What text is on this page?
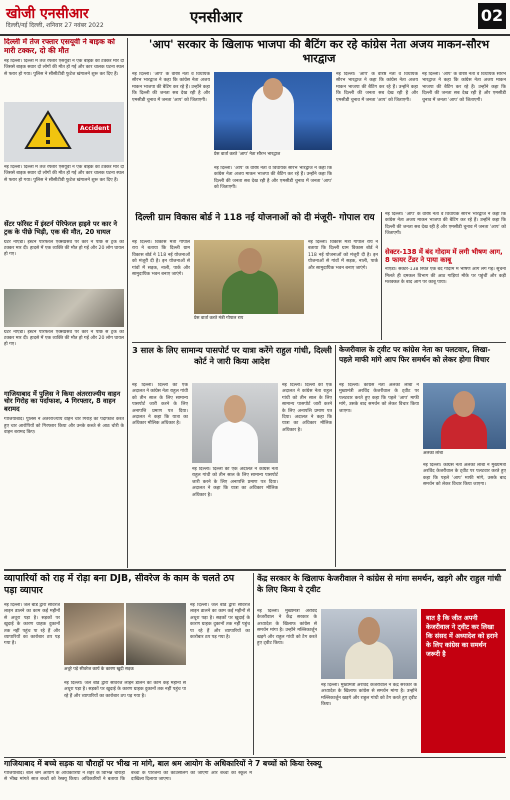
खोजी एनसीआर
दिल्ली/नई दिल्ली, शनिवार 27 नवंबर 2022	एनसीआर	02
दिल्ली में तेज रफ्तार एसयूवी ने बाइक को मारी टक्कर, दो की मौत
नई दिल्ली। दिल्ली में तेज रफ्तार एसयूवी ने एक बाइक को टक्कर मार दी जिससे बाइक सवार दो लोगों की मौत हो गई और कार चालक घटना स्थल से फरार हो गया। पुलिस ने सीसीटीवी फुटेज खंगालने शुरू कर दिए हैं।
Accident
नई दिल्ली। दिल्ली में तेज रफ्तार एसयूवी ने एक बाइक को टक्कर मार दी जिससे बाइक सवार दो लोगों की मौत हो गई और कार चालक घटना स्थल से फरार हो गया। पुलिस ने सीसीटीवी फुटेज खंगालने शुरू कर दिए हैं।
सेंटर फॉरेस्ट में इंस्टर्न पेरिफेरल हाइवे पर कार ने ट्रक के पीछे भिड़ी, एक की मौत, 20 घायल
ग्रेटर नोएडा। ईस्टर्न पेरिफेरल एक्सप्रेसवे पर कार ने पीछे से ट्रक को टक्कर मार दी। हादसे में एक व्यक्ति की मौत हो गई और 20 लोग घायल हो गए।
ग्रेटर नोएडा। ईस्टर्न पेरिफेरल एक्सप्रेसवे पर कार ने पीछे से ट्रक को टक्कर मार दी। हादसे में एक व्यक्ति की मौत हो गई और 20 लोग घायल हो गए।
गाजियाबाद में पुलिस ने किया अंतरराज्यीय वाहन चोर गिरोह का पर्दाफाश, 4 गिरफ्तार, 8 वाहन बरामद
गाजियाबाद। पुलिस ने अंतरराज्यीय वाहन चोर गिरोह का पर्दाफाश करते हुए चार आरोपियों को गिरफ्तार किया और उनके कब्जे से आठ चोरी के वाहन बरामद किए।
'आप' सरकार के खिलाफ भाजपा की बैटिंग कर रहे कांग्रेस नेता अजय माकन-सौरभ भारद्वाज
नई दिल्ली। 'आप' के वरिष्ठ नेता व विधायक सौरभ भारद्वाज ने कहा कि कांग्रेस नेता अजय माकन भाजपा की बैटिंग कर रहे हैं। उन्होंने कहा कि दिल्ली की जनता सब देख रही है और एमसीडी चुनाव में जनता 'आप' को जिताएगी।
प्रेस वार्ता करते 'आप' नेता सौरभ भारद्वाज
नई दिल्ली। 'आप' के वरिष्ठ नेता व विधायक सौरभ भारद्वाज ने कहा कि कांग्रेस नेता अजय माकन भाजपा की बैटिंग कर रहे हैं। उन्होंने कहा कि दिल्ली की जनता सब देख रही है और एमसीडी चुनाव में जनता 'आप' को जिताएगी।
नई दिल्ली। 'आप' के वरिष्ठ नेता व विधायक सौरभ भारद्वाज ने कहा कि कांग्रेस नेता अजय माकन भाजपा की बैटिंग कर रहे हैं। उन्होंने कहा कि दिल्ली की जनता सब देख रही है और एमसीडी चुनाव में जनता 'आप' को जिताएगी।
नई दिल्ली। 'आप' के वरिष्ठ नेता व विधायक सौरभ भारद्वाज ने कहा कि कांग्रेस नेता अजय माकन भाजपा की बैटिंग कर रहे हैं। उन्होंने कहा कि दिल्ली की जनता सब देख रही है और एमसीडी चुनाव में जनता 'आप' को जिताएगी।
दिल्ली ग्राम विकास बोर्ड ने 118 नई योजनाओं को दी मंजूरी- गोपाल राय
नई दिल्ली। विकास मंत्री गोपाल राय ने बताया कि दिल्ली ग्राम विकास बोर्ड ने 118 नई योजनाओं को मंजूरी दी है। इन योजनाओं से गांवों में सड़क, नाली, पार्क और सामुदायिक भवन बनाए जाएंगे।
प्रेस वार्ता करते मंत्री गोपाल राय
नई दिल्ली। विकास मंत्री गोपाल राय ने बताया कि दिल्ली ग्राम विकास बोर्ड ने 118 नई योजनाओं को मंजूरी दी है। इन योजनाओं से गांवों में सड़क, नाली, पार्क और सामुदायिक भवन बनाए जाएंगे।
नई दिल्ली। 'आप' के वरिष्ठ नेता व विधायक सौरभ भारद्वाज ने कहा कि कांग्रेस नेता अजय माकन भाजपा की बैटिंग कर रहे हैं। उन्होंने कहा कि दिल्ली की जनता सब देख रही है और एमसीडी चुनाव में जनता 'आप' को जिताएगी।
सेक्टर-138 में बंद गोदाम में लगी भीषण आग, 8 फायर टेंडर ने पाया काबू
नोएडा। सेक्टर-138 स्थित एक बंद गोदाम में भीषण आग लग गई। सूचना मिलते ही दमकल विभाग की आठ गाड़ियां मौके पर पहुंचीं और कड़ी मशक्कत के बाद आग पर काबू पाया।
3 साल के लिए सामान्य पासपोर्ट पर यात्रा करेंगे राहुल गांधी, दिल्ली कोर्ट ने जारी किया आदेश
नई दिल्ली। दिल्ली की एक अदालत ने कांग्रेस नेता राहुल गांधी को तीन साल के लिए सामान्य पासपोर्ट जारी करने के लिए अनापत्ति प्रमाण पत्र दिया। अदालत ने कहा कि यात्रा का अधिकार मौलिक अधिकार है।
नई दिल्ली। दिल्ली की एक अदालत ने कांग्रेस नेता राहुल गांधी को तीन साल के लिए सामान्य पासपोर्ट जारी करने के लिए अनापत्ति प्रमाण पत्र दिया। अदालत ने कहा कि यात्रा का अधिकार मौलिक अधिकार है।
नई दिल्ली। दिल्ली की एक अदालत ने कांग्रेस नेता राहुल गांधी को तीन साल के लिए सामान्य पासपोर्ट जारी करने के लिए अनापत्ति प्रमाण पत्र दिया। अदालत ने कहा कि यात्रा का अधिकार मौलिक अधिकार है।
केजरीवाल के ट्वीट पर कांग्रेस नेता का पलटवार, लिखा- पहले माफी मांगे आप फिर समर्थन को लेकर होगा विचार
नई दिल्ली। कांग्रेस नेता अलका लांबा ने मुख्यमंत्री अरविंद केजरीवाल के ट्वीट पर पलटवार करते हुए कहा कि पहले 'आप' माफी मांगे, उसके बाद समर्थन को लेकर विचार किया जाएगा।
अलका लांबा
नई दिल्ली। कांग्रेस नेता अलका लांबा ने मुख्यमंत्री अरविंद केजरीवाल के ट्वीट पर पलटवार करते हुए कहा कि पहले 'आप' माफी मांगे, उसके बाद समर्थन को लेकर विचार किया जाएगा।
व्यापारियों को राह में रोड़ा बना DJB, सीवरेज के काम के चलते ठप पड़ा व्यापार
नई दिल्ली। जल बोर्ड द्वारा सीवरेज लाइन डालने का काम कई महीनों से अधूरा पड़ा है। सड़कों पर खुदाई के कारण ग्राहक दुकानों तक नहीं पहुंच पा रहे हैं और व्यापारियों का कारोबार ठप पड़ गया है।
अधूरे पड़े सीवरेज कार्य के कारण खुदी सड़क
नई दिल्ली। जल बोर्ड द्वारा सीवरेज लाइन डालने का काम कई महीनों से अधूरा पड़ा है। सड़कों पर खुदाई के कारण ग्राहक दुकानों तक नहीं पहुंच पा रहे हैं और व्यापारियों का कारोबार ठप पड़ गया है।
नई दिल्ली। जल बोर्ड द्वारा सीवरेज लाइन डालने का काम कई महीनों से अधूरा पड़ा है। सड़कों पर खुदाई के कारण ग्राहक दुकानों तक नहीं पहुंच पा रहे हैं और व्यापारियों का कारोबार ठप पड़ गया है।
केंद्र सरकार के खिलाफ केजरीवाल ने कांग्रेस से मांगा समर्थन, खड़गे और राहुल गांधी के लिए किया ये ट्वीट
नई दिल्ली। मुख्यमंत्री अरविंद केजरीवाल ने केंद्र सरकार के अध्यादेश के खिलाफ कांग्रेस से समर्थन मांगा है। उन्होंने मल्लिकार्जुन खड़गे और राहुल गांधी को टैग करते हुए ट्वीट किया।
नई दिल्ली। मुख्यमंत्री अरविंद केजरीवाल ने केंद्र सरकार के अध्यादेश के खिलाफ कांग्रेस से समर्थन मांगा है। उन्होंने मल्लिकार्जुन खड़गे और राहुल गांधी को टैग करते हुए ट्वीट किया।
बात है कि जीत अपनी केजरीवाल ने ट्वीट कर लिखा कि संसद में अध्यादेश को हराने के लिए कांग्रेस का समर्थन जरूरी है
गाजियाबाद में बच्चे सड़क या चौराहों पर भीख ना मांगे, बाल श्रम आयोग के अधिकारियों ने 7 बच्चों को किया रेस्क्यू
गाजियाबाद। बाल श्रम आयोग के अधिकारियों ने शहर के विभिन्न चौराहों से भीख मांगते सात बच्चों को रेस्क्यू किया। अधिकारियों ने बताया कि बच्चों के परिजनों की काउंसलिंग की जाएगी और बच्चों को स्कूल में दाखिला दिलाया जाएगा।
